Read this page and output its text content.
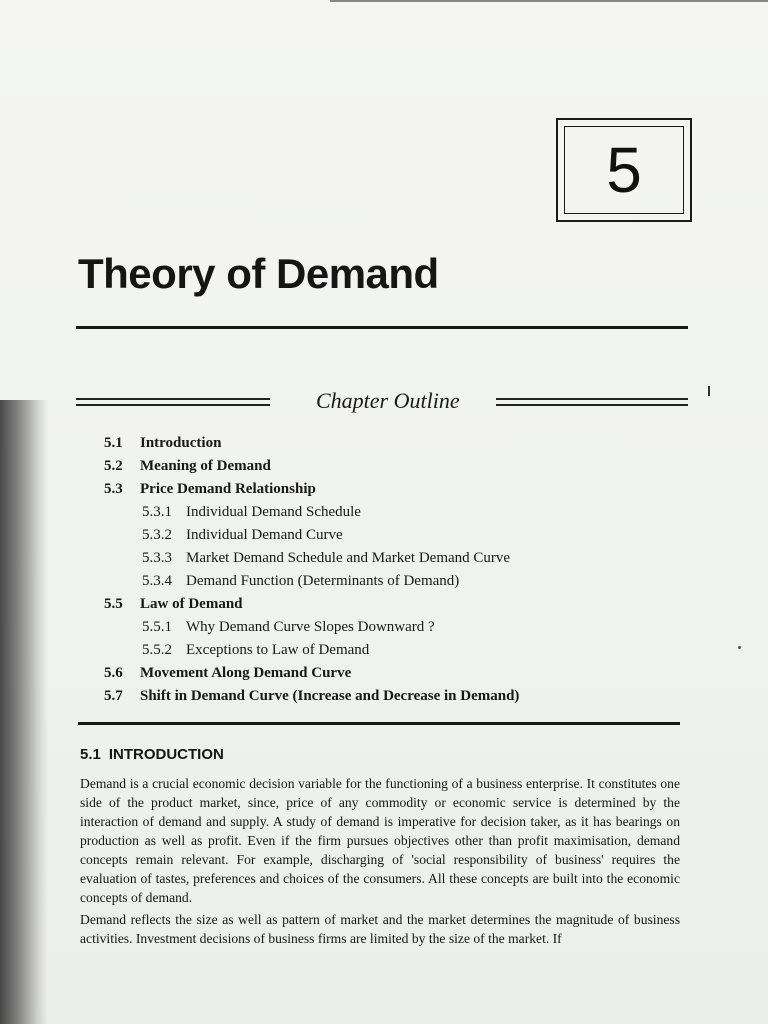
5
Theory of Demand
Chapter Outline
5.1	Introduction
5.2	Meaning of Demand
5.3	Price Demand Relationship
5.3.1 Individual Demand Schedule
5.3.2 Individual Demand Curve
5.3.3 Market Demand Schedule and Market Demand Curve
5.3.4 Demand Function (Determinants of Demand)
5.5	Law of Demand
5.5.1 Why Demand Curve Slopes Downward ?
5.5.2 Exceptions to Law of Demand
5.6	Movement Along Demand Curve
5.7	Shift in Demand Curve (Increase and Decrease in Demand)
5.1 INTRODUCTION

Demand is a crucial economic decision variable for the functioning of a business enterprise. It constitutes one side of the product market, since, price of any commodity or economic service is determined by the interaction of demand and supply. A study of demand is imperative for decision taker, as it has bearings on production as well as profit. Even if the firm pursues objectives other than profit maximisation, demand concepts remain relevant. For example, discharging of 'social responsibility of business' requires the evaluation of tastes, preferences and choices of the consumers. All these concepts are built into the economic concepts of demand.

Demand reflects the size as well as pattern of market and the market determines the magnitude of business activities. Investment decisions of business firms are limited by the size of the market. If
